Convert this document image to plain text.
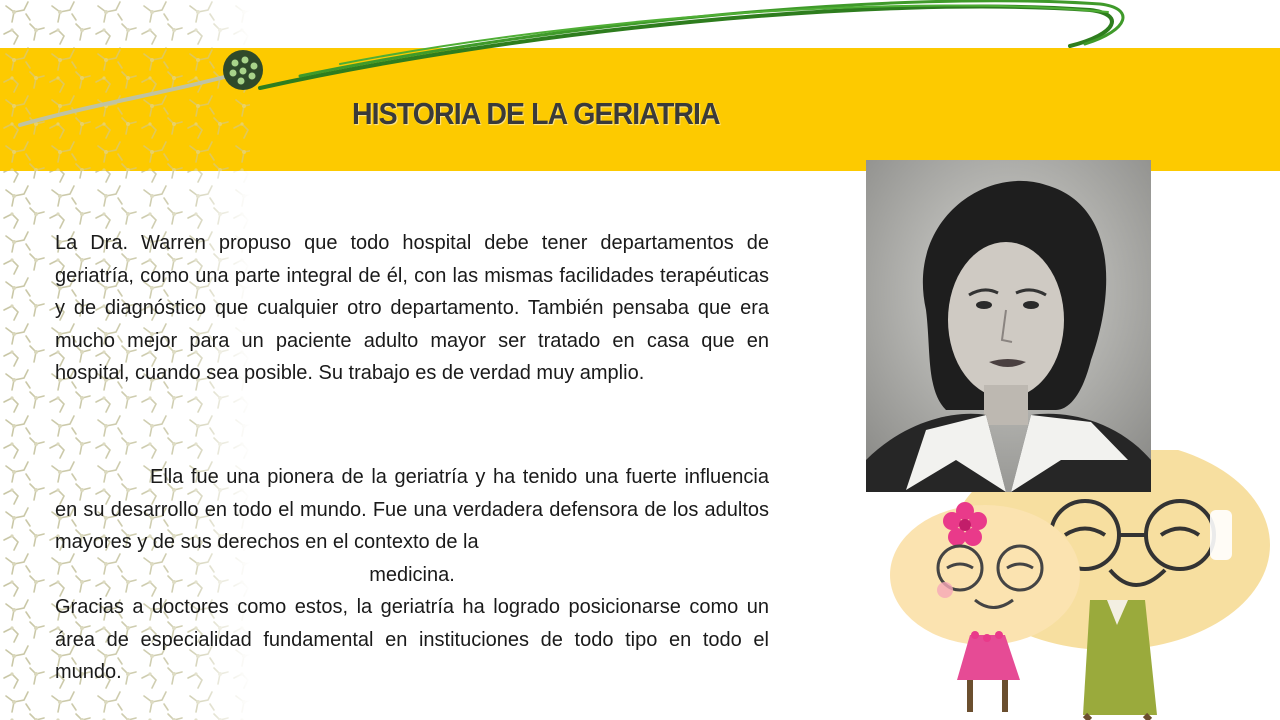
HISTORIA DE LA GERIATRIA

La Dra. Warren propuso que todo hospital debe tener departamentos de geriatría, como una parte integral de él, con las mismas facilidades terapéuticas y de diagnóstico que cualquier otro departamento. También pensaba que era mucho mejor para un paciente adulto mayor ser tratado en casa que en hospital, cuando sea posible. Su trabajo es de verdad muy amplio.

Ella fue una pionera de la geriatría y ha tenido una fuerte influencia en su desarrollo en todo el mundo. Fue una verdadera defensora de los adultos mayores y de sus derechos en el contexto de la

medicina.

Gracias a doctores como estos, la geriatría ha logrado posicionarse como un área de especialidad fundamental en instituciones de todo tipo en todo el mundo.
